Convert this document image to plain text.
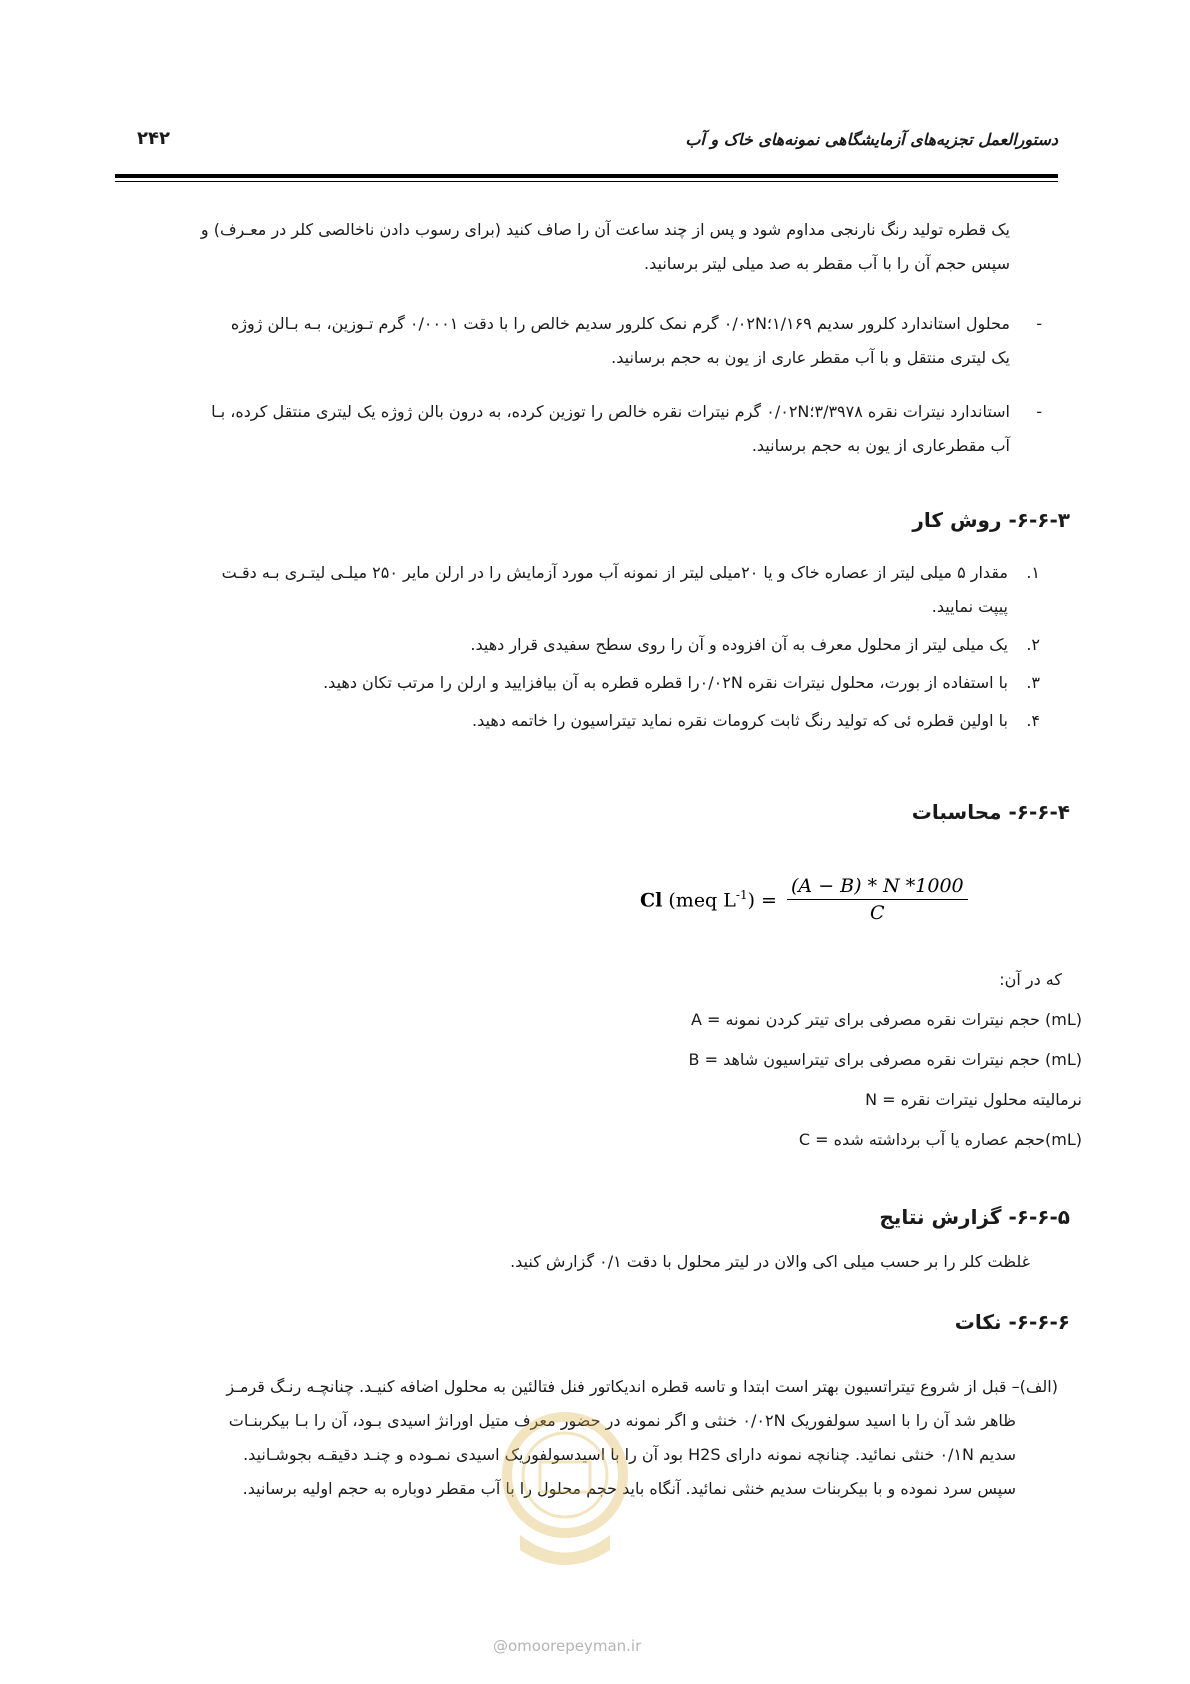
دستورالعمل تجزیه‌های آزمایشگاهی نمونه‌های خاک و آب
۲۴۲

یک قطره تولید رنگ نارنجی مداوم شود و پس از چند ساعت آن را صاف کنید (برای رسوب دادن ناخالصی کلر در معـرف) و

سپس حجم آن را با آب مقطر به صد میلی لیتر برسانید.

-

محلول استاندارد کلرور سدیم ۱/۱۶۹؛۰/۰۲N گرم نمک کلرور سدیم خالص را با دقت ۰/۰۰۰۱ گرم تـوزین، بـه بـالن ژوژه

یک لیتری منتقل و با آب مقطر عاری از یون به حجم برسانید.

-

استاندارد نیترات نقره ۳/۳۹۷۸؛۰/۰۲N گرم نیترات نقره خالص را توزین کرده، به درون بالن ژوژه یک لیتری منتقل کرده، بـا

آب مقطرعاری از یون به حجم برسانید.

۶-۶-۳- روش کار
۱.
مقدار ۵ میلی لیتر از عصاره خاک و یا ۲۰میلی لیتر از نمونه آب مورد آزمایش را در ارلن مایر ۲۵۰ میلـی لیتـری بـه دقـت
پیپت نمایید.
۲.
یک میلی لیتر از محلول معرف به آن افزوده و آن را روی سطح سفیدی قرار دهید.
۳.
با استفاده از بورت، محلول نیترات نقره ۰/۰۲Nرا قطره قطره به آن بیافزایید و ارلن را مرتب تکان دهید.
۴.
با اولین قطره ئی که تولید رنگ ثابت کرومات نقره نماید تیتراسیون را خاتمه دهید.
۶-۶-۴- محاسبات
Cl (meq $L^{-1}) = \frac{(A - B) * N *1000}{C}$
که در آن:
A = حجم نیترات نقره مصرفی برای تیتر کردن نمونه (mL)
B = حجم نیترات نقره مصرفی برای تیتراسیون شاهد (mL)
N = نرمالیته محلول نیترات نقره
C = حجم عصاره یا آب برداشته شده(mL)
۶-۶-۵- گزارش نتایج
غلظت کلر را بر حسب میلی اکی والان در لیتر محلول با دقت ۰/۱ گزارش کنید.
۶-۶-۶- نکات

(الف)– قبل از شروع تیتراتسیون بهتر است ابتدا و تاسه قطره اندیکاتور فنل فتالئین به محلول اضافه کنیـد. چنانچـه رنـگ قرمـز

ظاهر شد آن را با اسید سولفوریک ۰/۰۲N خنثی و اگر نمونه در حضور معرف متیل اورانژ اسیدی بـود، آن را بـا بیکربنـات

سدیم ۰/۱N خنثی نمائید. چنانچه نمونه دارای H2S بود آن را با اسیدسولفوریک اسیدی نمـوده و چنـد دقیقـه بجوشـانید.

سپس سرد نموده و با بیکربنات سدیم خنثی نمائید. آنگاه باید حجم محلول را با آب مقطر دوباره به حجم اولیه برسانید.

@omoorepeyman.ir
